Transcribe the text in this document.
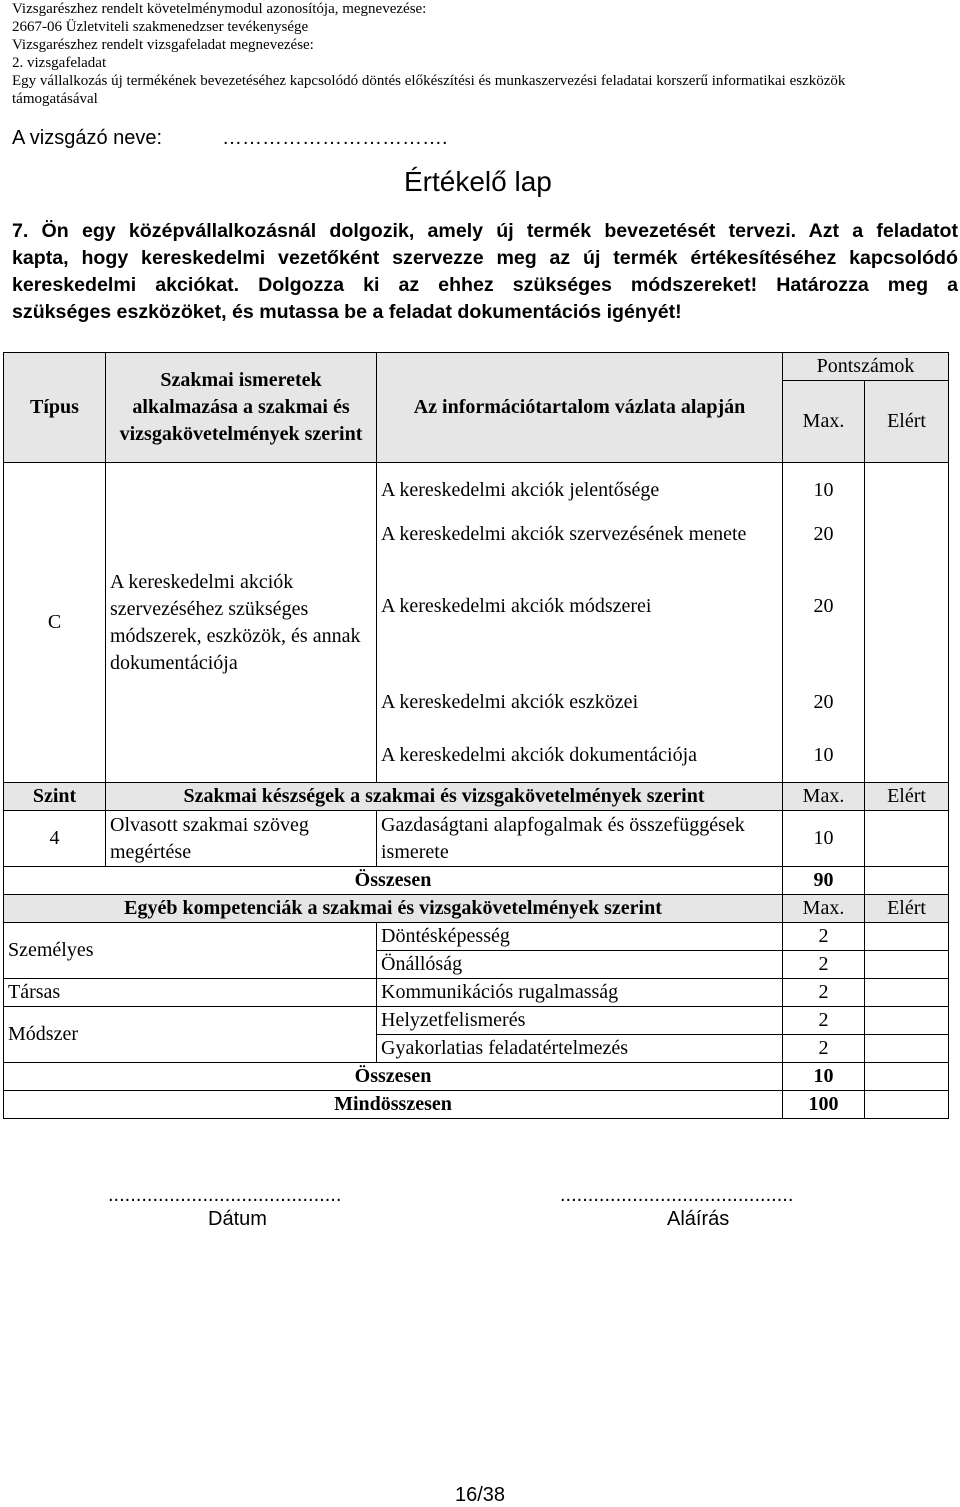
Vizsgarészhez rendelt követelménymodul azonosítója, megnevezése:
2667-06 Üzletviteli szakmenedzser tevékenysége
Vizsgarészhez rendelt vizsgafeladat megnevezése:
2. vizsgafeladat
Egy vállalkozás új termékének bevezetéséhez kapcsolódó döntés előkészítési és munkaszervezési feladatai korszerű informatikai eszközök
támogatásával
A vizsgázó neve:	…………………………….
Értékelő lap
7. Ön egy középvállalkozásnál dolgozik, amely új termék bevezetését tervezi. Azt a feladatot
kapta, hogy kereskedelmi vezetőként szervezze meg az új termék értékesítéséhez kapcsolódó
kereskedelmi akciókat. Dolgozza ki az ehhez szükséges módszereket! Határozza meg a
szükséges eszközöket, és mutassa be a feladat dokumentációs igényét!
Típus	Szakmai ismeretek alkalmazása a szakmai és vizsgakövetelmények szerint	Az információtartalom vázlata alapján	Pontszámok	
			Max.	Elért

C	A kereskedelmi akciók szervezéséhez szükséges módszerek, eszközök, és annak dokumentációja	A kereskedelmi akciók jelentősége	10	
		A kereskedelmi akciók szervezésének menete	20	
		A kereskedelmi akciók módszerei	20	
		A kereskedelmi akciók eszközei	20	
		A kereskedelmi akciók dokumentációja	10	
Szint	Szakmai készségek a szakmai és vizsgakövetelmények szerint		Max.	Elért
4	Olvasott szakmai szöveg megértése	Gazdaságtani alapfogalmak és összefüggések ismerete	10	
Összesen			90	
Egyéb kompetenciák a szakmai és vizsgakövetelmények szerint			Max.	Elért
Személyes		Döntésképesség	2	
		Önállóság	2	
Társas		Kommunikációs rugalmasság	2	
Módszer		Helyzetfelismerés	2	
		Gyakorlatias feladatértelmezés	2	
Összesen			10	
Mindösszesen			100	
..........................................
Dátum
..........................................
Aláírás
16/38
